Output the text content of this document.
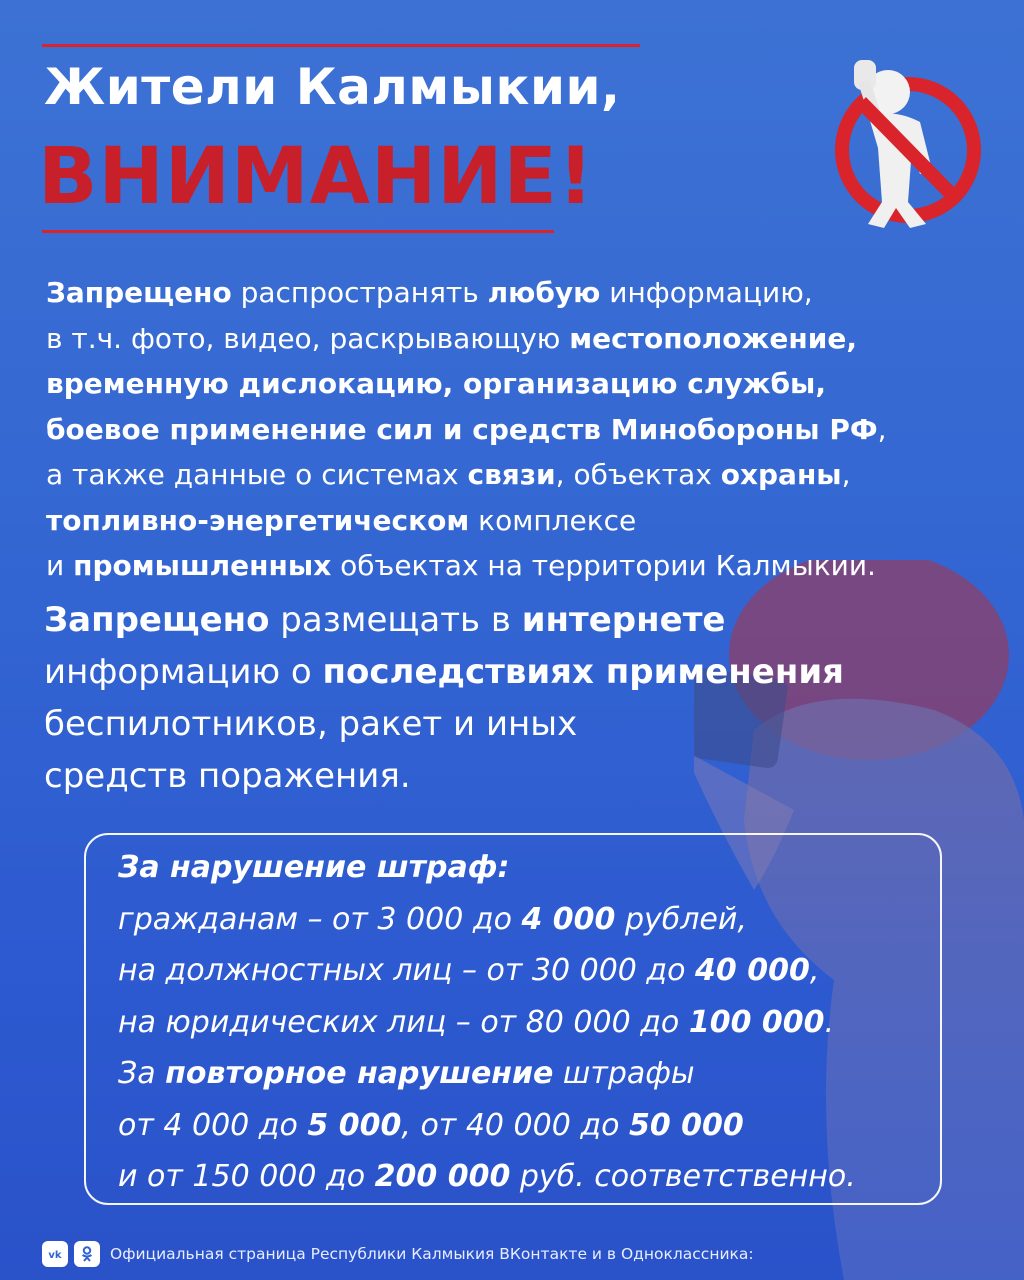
Жители Калмыкии,
ВНИМАНИЕ!
Запрещено распространять любую информацию,
в т.ч. фото, видео, раскрывающую местоположение,
временную дислокацию, организацию службы,
боевое применение сил и средств Минобороны РФ,
а также данные о системах связи, объектах охраны,
топливно-энергетическом комплексе
и промышленных объектах на территории Калмыкии.
Запрещено размещать в интернете
информацию о последствиях применения
беспилотников, ракет и иных
средств поражения.
За нарушение штраф:
гражданам – от 3 000 до 4 000 рублей,
на должностных лиц – от 30 000 до 40 000,
на юридических лиц – от 80 000 до 100 000.
За повторное нарушение штрафы
от 4 000 до 5 000, от 40 000 до 50 000
и от 150 000 до 200 000 руб. соответственно.
vk	Официальная страница Республики Калмыкия ВКонтакте и в Одноклассника:
